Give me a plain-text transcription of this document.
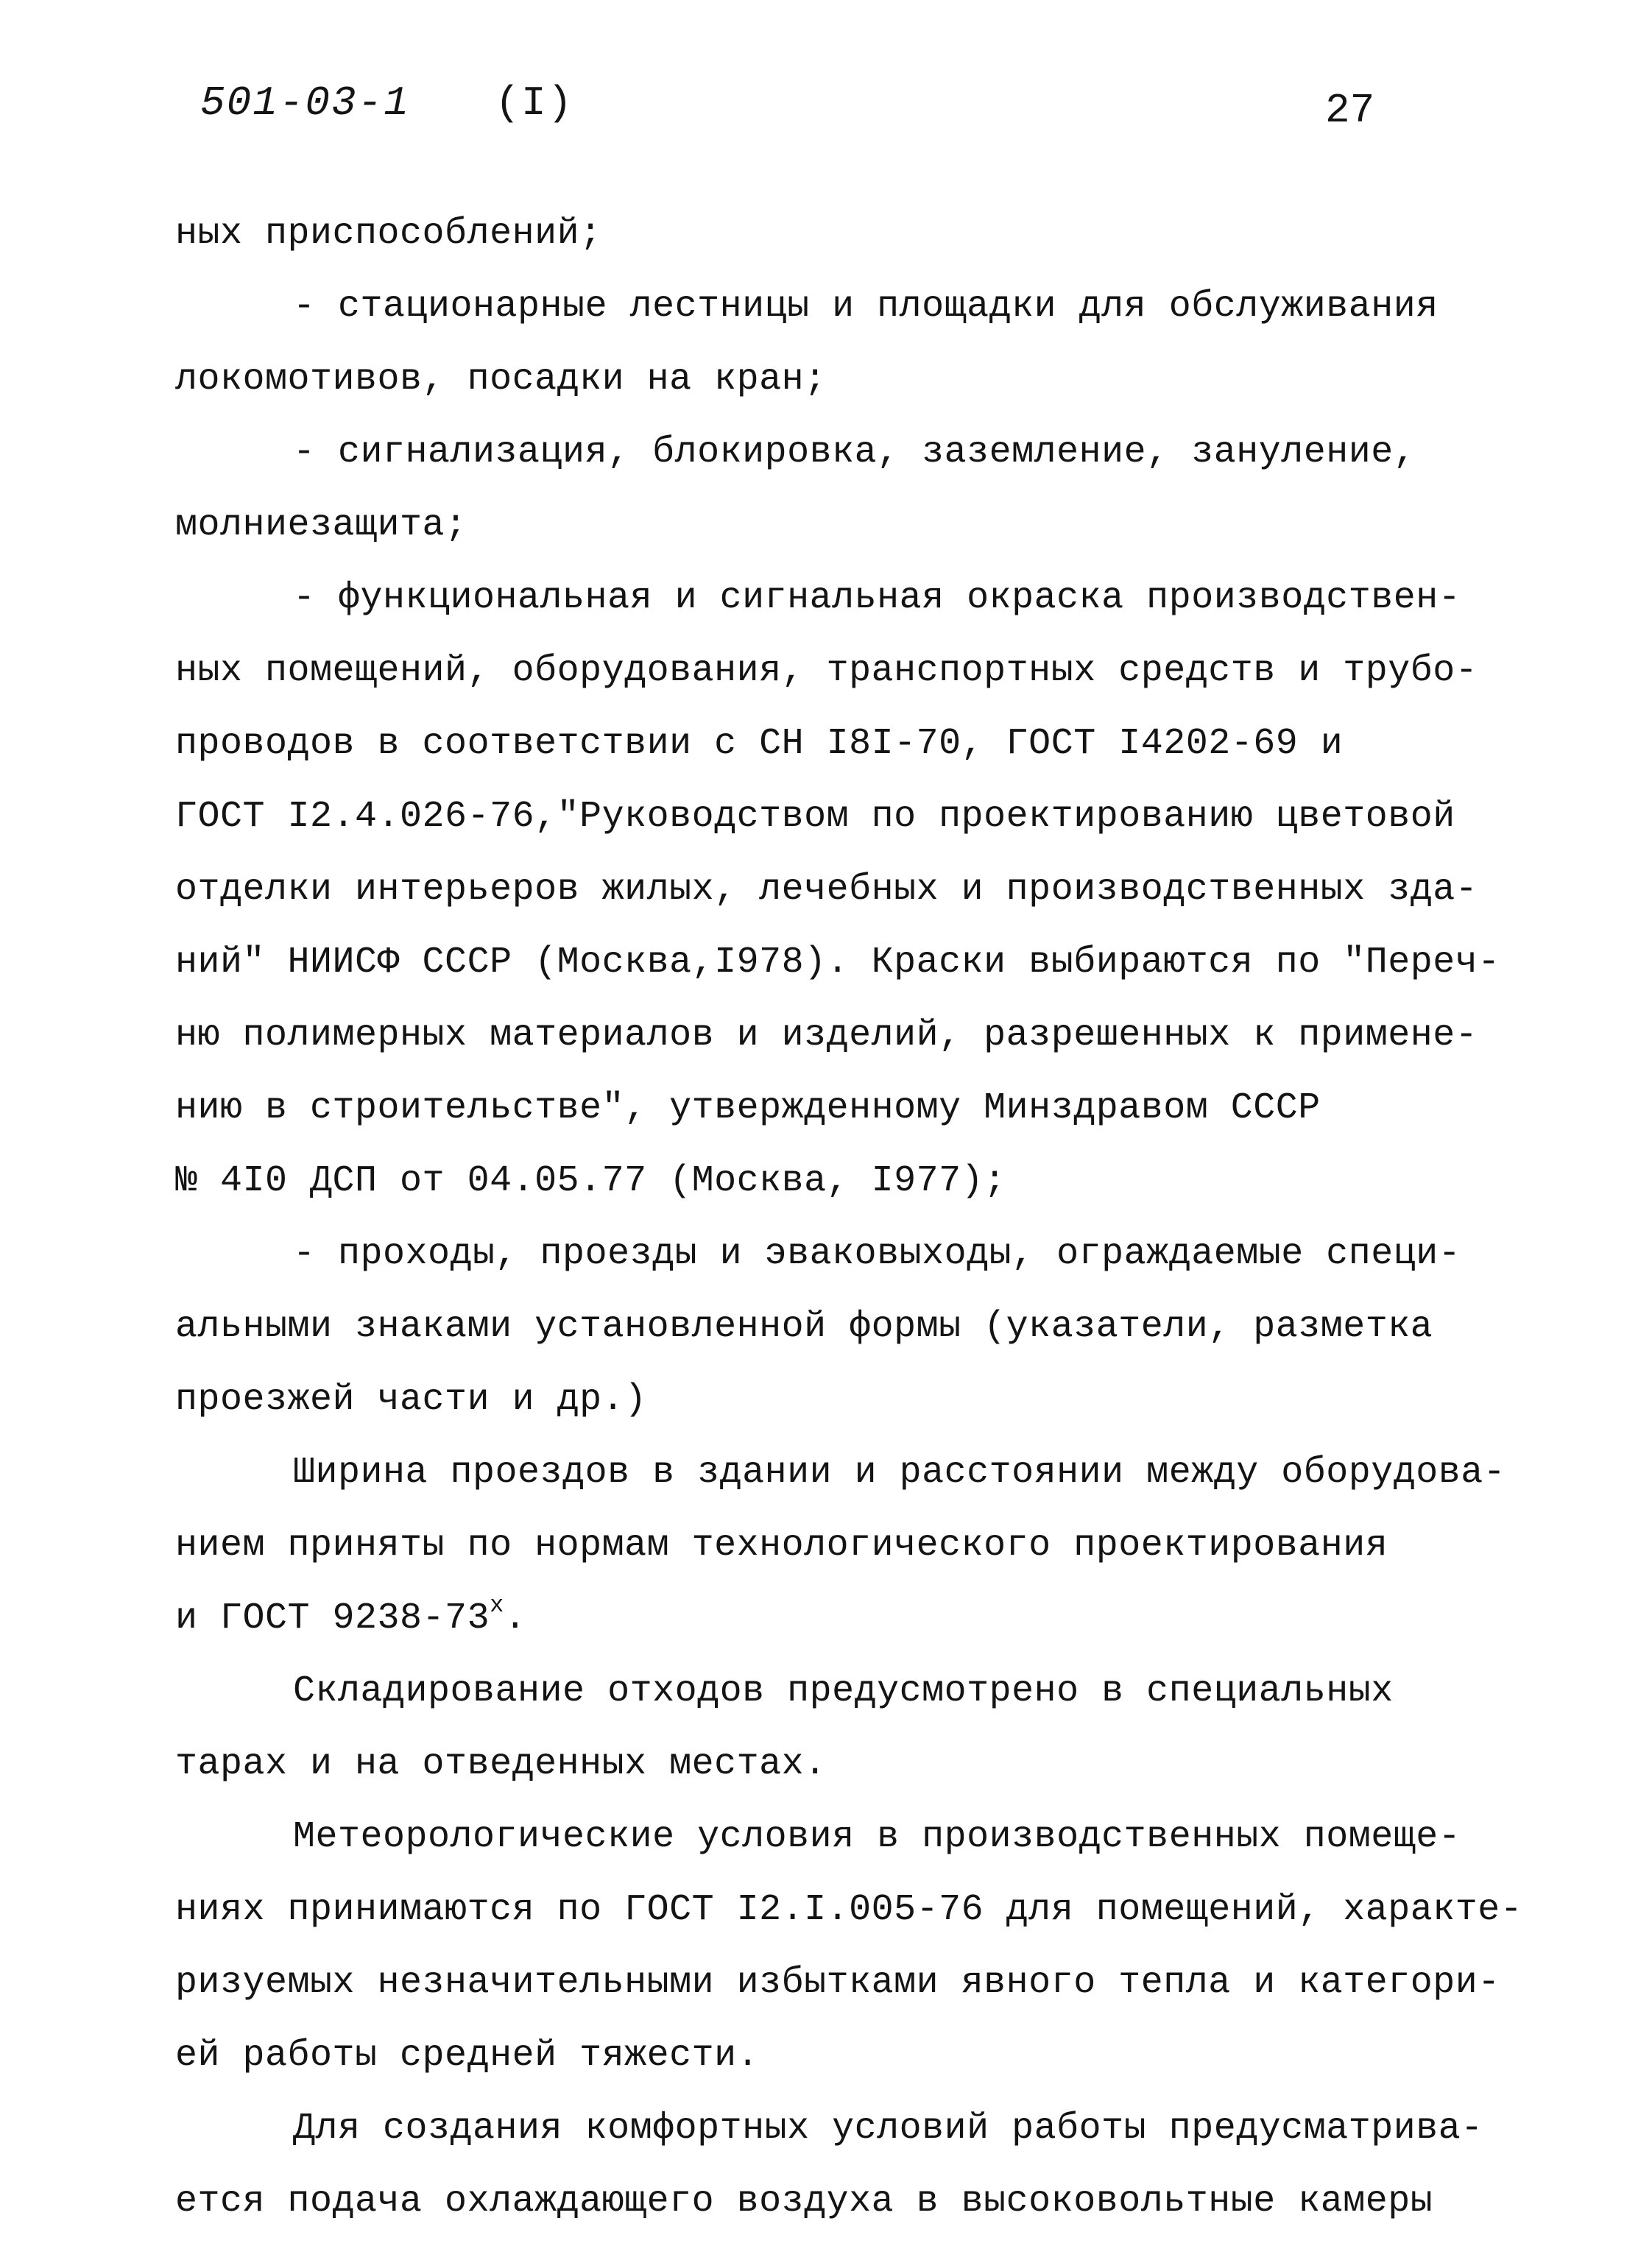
501-03-1 (I)	27
ных приспособлений;
- стационарные лестницы и площадки для обслуживания
локомотивов, посадки на кран;
- сигнализация, блокировка, заземление, зануление,
молниезащита;
- функциональная и сигнальная окраска производствен-
ных помещений, оборудования, транспортных средств и трубо-
проводов в соответствии с СН I8I-70, ГОСТ I4202-69 и
ГОСТ I2.4.026-76,"Руководством по проектированию цветовой
отделки интерьеров жилых, лечебных и производственных зда-
ний" НИИСФ СССР (Москва,I978). Краски выбираются по "Переч-
ню полимерных материалов и изделий, разрешенных к примене-
нию в строительстве", утвержденному Минздравом СССР
№ 4I0 ДСП от 04.05.77 (Москва, I977);
- проходы, проезды и эваковыходы, ограждаемые специ-
альными знаками установленной формы (указатели, разметка
проезжей части и др.)
Ширина проездов в здании и расстоянии между оборудова-
нием приняты по нормам технологического проектирования
и ГОСТ 9238-73$^x$.
Складирование отходов предусмотрено в специальных
тарах и на отведенных местах.
Метеорологические условия в производственных помеще-
ниях принимаются по ГОСТ I2.I.005-76 для помещений, характе-
ризуемых незначительными избытками явного тепла и категори-
ей работы средней тяжести.
Для создания комфортных условий работы предусматрива-
ется подача охлаждающего воздуха в высоковольтные камеры
